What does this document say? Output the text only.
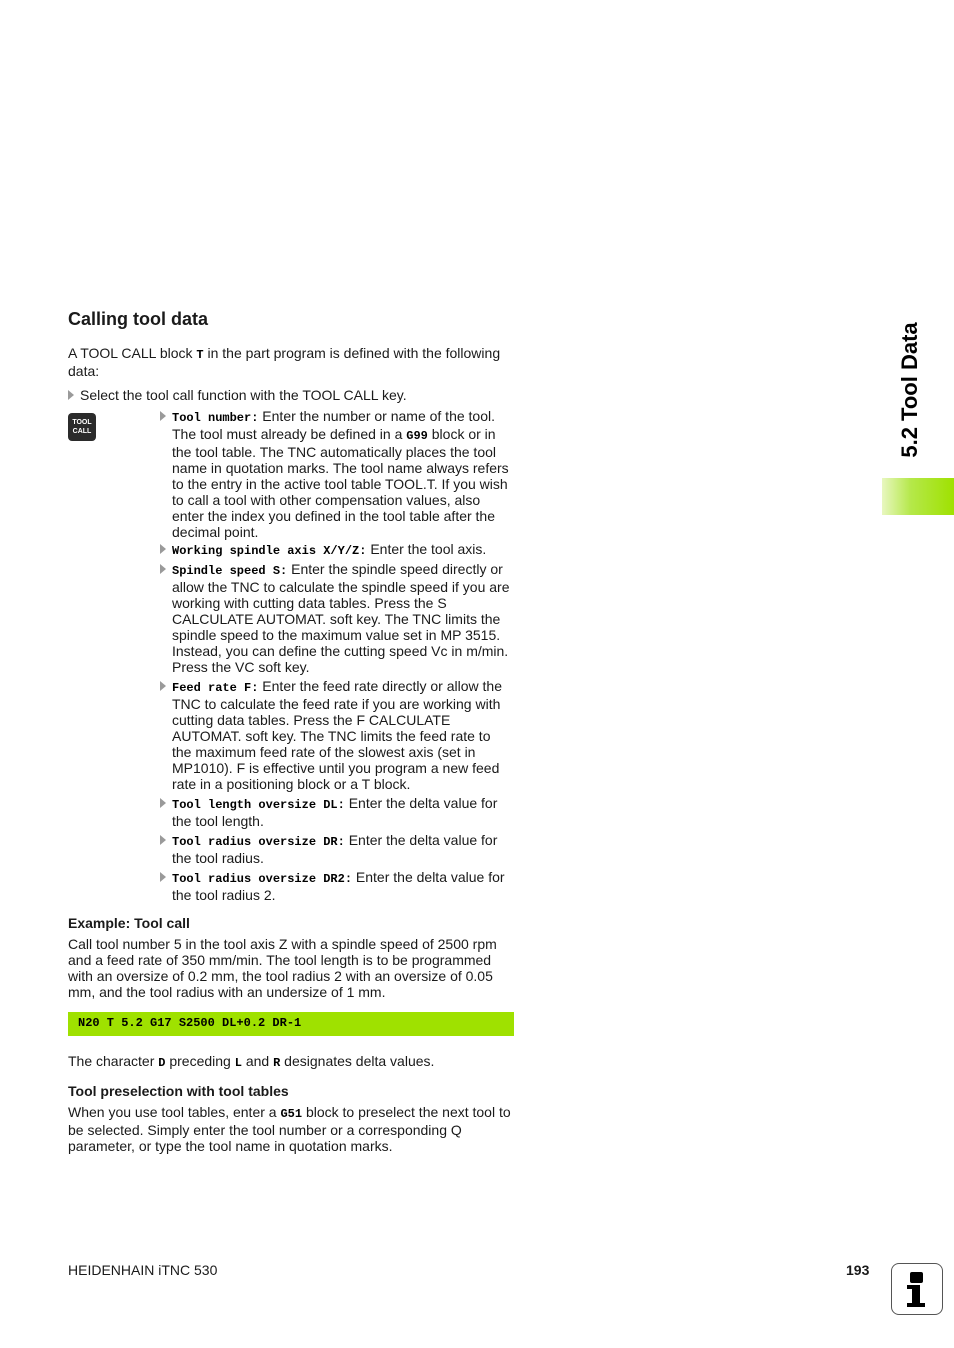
5.2 Tool Data
Calling tool data
A TOOL CALL block T in the part program is defined with the following data:
Select the tool call function with the TOOL CALL key.
TOOL
CALL
Tool number: Enter the number or name of the tool. The tool must already be defined in a G99 block or in the tool table. The TNC automatically places the tool name in quotation marks. The tool name always refers to the entry in the active tool table TOOL.T. If you wish to call a tool with other compensation values, also enter the index you defined in the tool table after the decimal point.
Working spindle axis X/Y/Z: Enter the tool axis.
Spindle speed S: Enter the spindle speed directly or allow the TNC to calculate the spindle speed if you are working with cutting data tables. Press the S CALCULATE AUTOMAT. soft key. The TNC limits the spindle speed to the maximum value set in MP 3515. Instead, you can define the cutting speed Vc in m/min. Press the VC soft key.
Feed rate F: Enter the feed rate directly or allow the TNC to calculate the feed rate if you are working with cutting data tables. Press the F CALCULATE AUTOMAT. soft key. The TNC limits the feed rate to the maximum feed rate of the slowest axis (set in MP1010). F is effective until you program a new feed rate in a positioning block or a T block.
Tool length oversize DL: Enter the delta value for the tool length.
Tool radius oversize DR: Enter the delta value for the tool radius.
Tool radius oversize DR2: Enter the delta value for the tool radius 2.
Example: Tool call
Call tool number 5 in the tool axis Z with a spindle speed of 2500 rpm and a feed rate of 350 mm/min. The tool length is to be programmed with an oversize of 0.2 mm, the tool radius 2 with an oversize of 0.05 mm, and the tool radius with an undersize of 1 mm.
N20 T 5.2 G17 S2500 DL+0.2 DR-1
The character D preceding L and R designates delta values.
Tool preselection with tool tables
When you use tool tables, enter a G51 block to preselect the next tool to be selected. Simply enter the tool number or a corresponding Q parameter, or type the tool name in quotation marks.
HEIDENHAIN iTNC 530	193
